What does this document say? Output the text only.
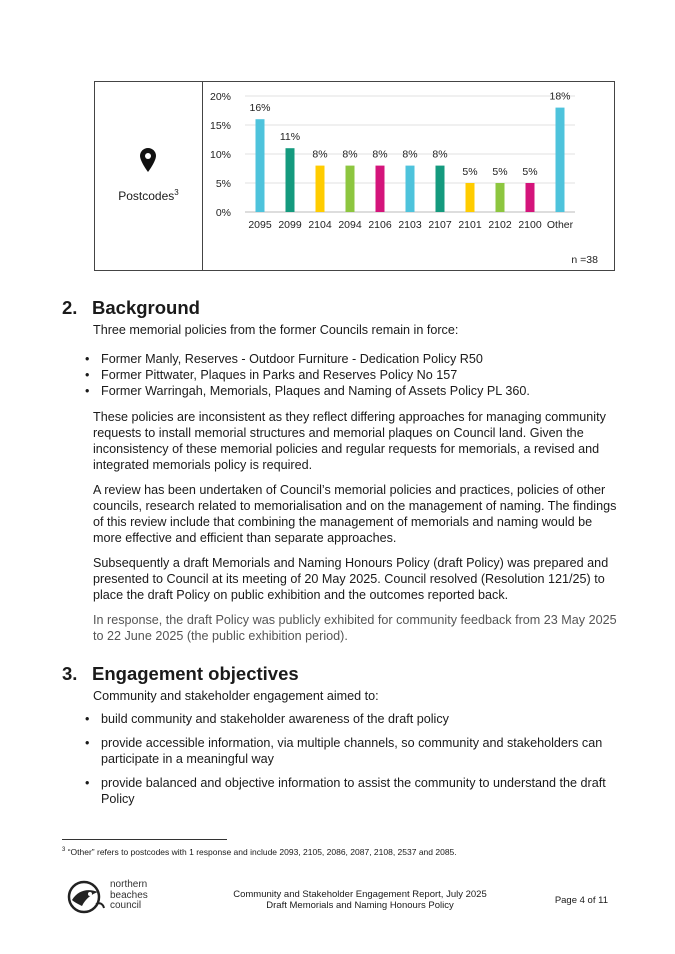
Postcodes$^3$
0%
5%
10%
15%
20%
16%
2095
11%
2099
8%
2104
8%
2094
8%
2106
8%
2103
8%
2107
5%
2101
5%
2102
5%
2100
18%
Other
n =38
2. Background

Three memorial policies from the former Councils remain in force:

• Former Manly, Reserves - Outdoor Furniture - Dedication Policy R50
• Former Pittwater, Plaques in Parks and Reserves Policy No 157
• Former Warringah, Memorials, Plaques and Naming of Assets Policy PL 360.

These policies are inconsistent as they reflect differing approaches for managing community requests to install memorial structures and memorial plaques on Council land. Given the inconsistency of these memorial policies and regular requests for memorials, a revised and integrated memorials policy is required.

A review has been undertaken of Council’s memorial policies and practices, policies of other councils, research related to memorialisation and on the management of naming. The findings of this review include that combining the management of memorials and naming would be more effective and efficient than separate approaches.

Subsequently a draft Memorials and Naming Honours Policy (draft Policy) was prepared and presented to Council at its meeting of 20 May 2025. Council resolved (Resolution 121/25) to place the draft Policy on public exhibition and the outcomes reported back.

In response, the draft Policy was publicly exhibited for community feedback from 23 May 2025 to 22 June 2025 (the public exhibition period).

3. Engagement objectives

Community and stakeholder engagement aimed to:

• build community and stakeholder awareness of the draft policy
• provide accessible information, via multiple channels, so community and stakeholders can participate in a meaningful way
• provide balanced and objective information to assist the community to understand the draft Policy
$^3$ “Other” refers to postcodes with 1 response and include 2093, 2105, 2086, 2087, 2108, 2537 and 2085.
northern
beaches
council
Community and Stakeholder Engagement Report, July 2025
Draft Memorials and Naming Honours Policy	Page 4 of 11
